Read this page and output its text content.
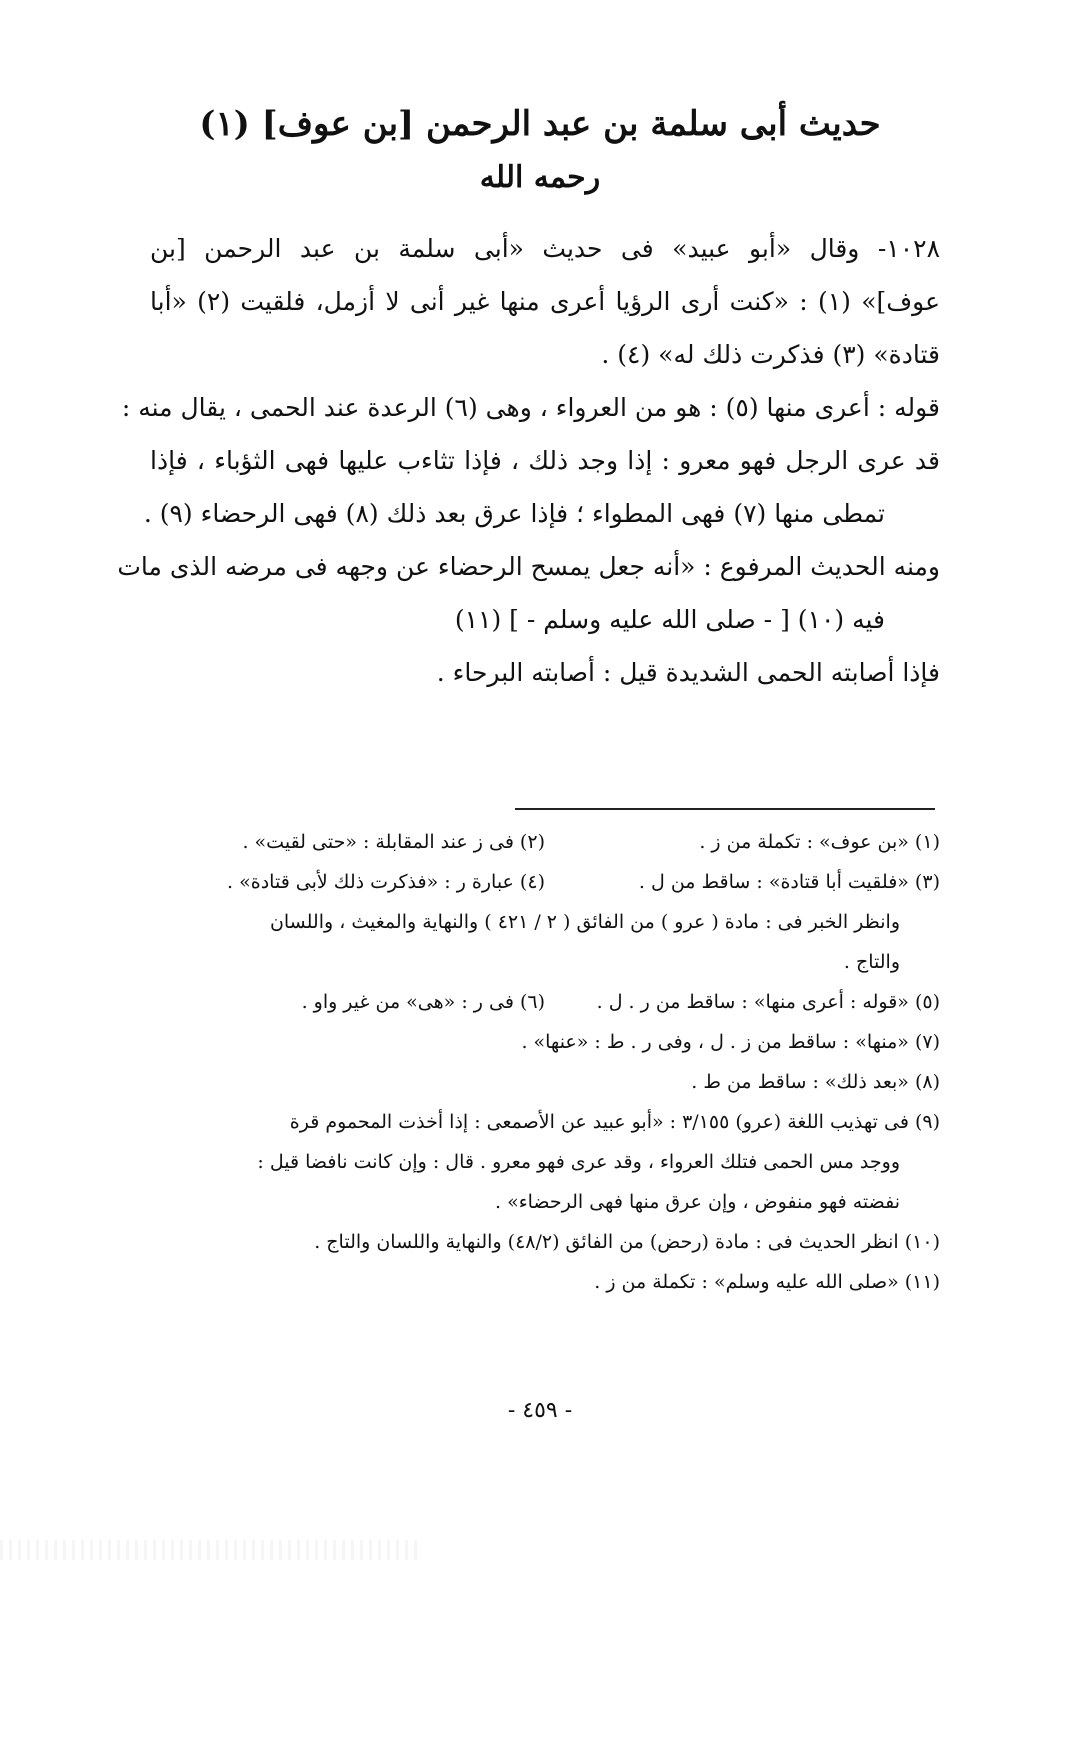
حديث أبى سلمة بن عبد الرحمن [بن عوف] (١)
رحمه الله
١٠٢٨- وقال «أبو عبيد» فى حديث «أبى سلمة بن عبد الرحمن [بن
عوف]» (١) : «كنت أرى الرؤيا أعرى منها غير أنى لا أزمل، فلقيت (٢) «أبا
قتادة» (٣) فذكرت ذلك له» (٤) .
قوله : أعرى منها (٥) : هو من العرواء ، وهى (٦) الرعدة عند الحمى ، يقال منه :
قد عرى الرجل فهو معرو : إذا وجد ذلك ، فإذا تثاءب عليها فهى الثؤباء ، فإذا
تمطى منها (٧) فهى المطواء ؛ فإذا عرق بعد ذلك (٨) فهى الرحضاء (٩) .
ومنه الحديث المرفوع : «أنه جعل يمسح الرحضاء عن وجهه فى مرضه الذى مات
فيه (١٠) [ - صلى الله عليه وسلم - ] (١١)
فإذا أصابته الحمى الشديدة قيل : أصابته البرحاء .
(١) «بن عوف» : تكملة من ز .
(٢) فى ز عند المقابلة : «حتى لقيت» .
(٣) «فلقيت أبا قتادة» : ساقط من ل .
(٤) عبارة ر : «فذكرت ذلك لأبى قتادة» .
وانظر الخبر فى : مادة ( عرو ) من الفائق ( ٢ / ٤٢١ ) والنهاية والمغيث ، واللسان
والتاج .
(٥) «قوله : أعرى منها» : ساقط من ر . ل .
(٦) فى ر : «هى» من غير واو .
(٧) «منها» : ساقط من ز . ل ، وفى ر . ط : «عنها» .
(٨) «بعد ذلك» : ساقط من ط .
(٩) فى تهذيب اللغة (عرو) ٣/١٥٥ : «أبو عبيد عن الأصمعى : إذا أخذت المحموم قرة
ووجد مس الحمى فتلك العرواء ، وقد عرى فهو معرو . قال : وإن كانت نافضا قيل :
نفضته فهو منفوض ، وإن عرق منها فهى الرحضاء» .
(١٠) انظر الحديث فى : مادة (رحض) من الفائق (٤٨/٢) والنهاية واللسان والتاج .
(١١) «صلى الله عليه وسلم» : تكملة من ز .
- ٤٥٩ -
